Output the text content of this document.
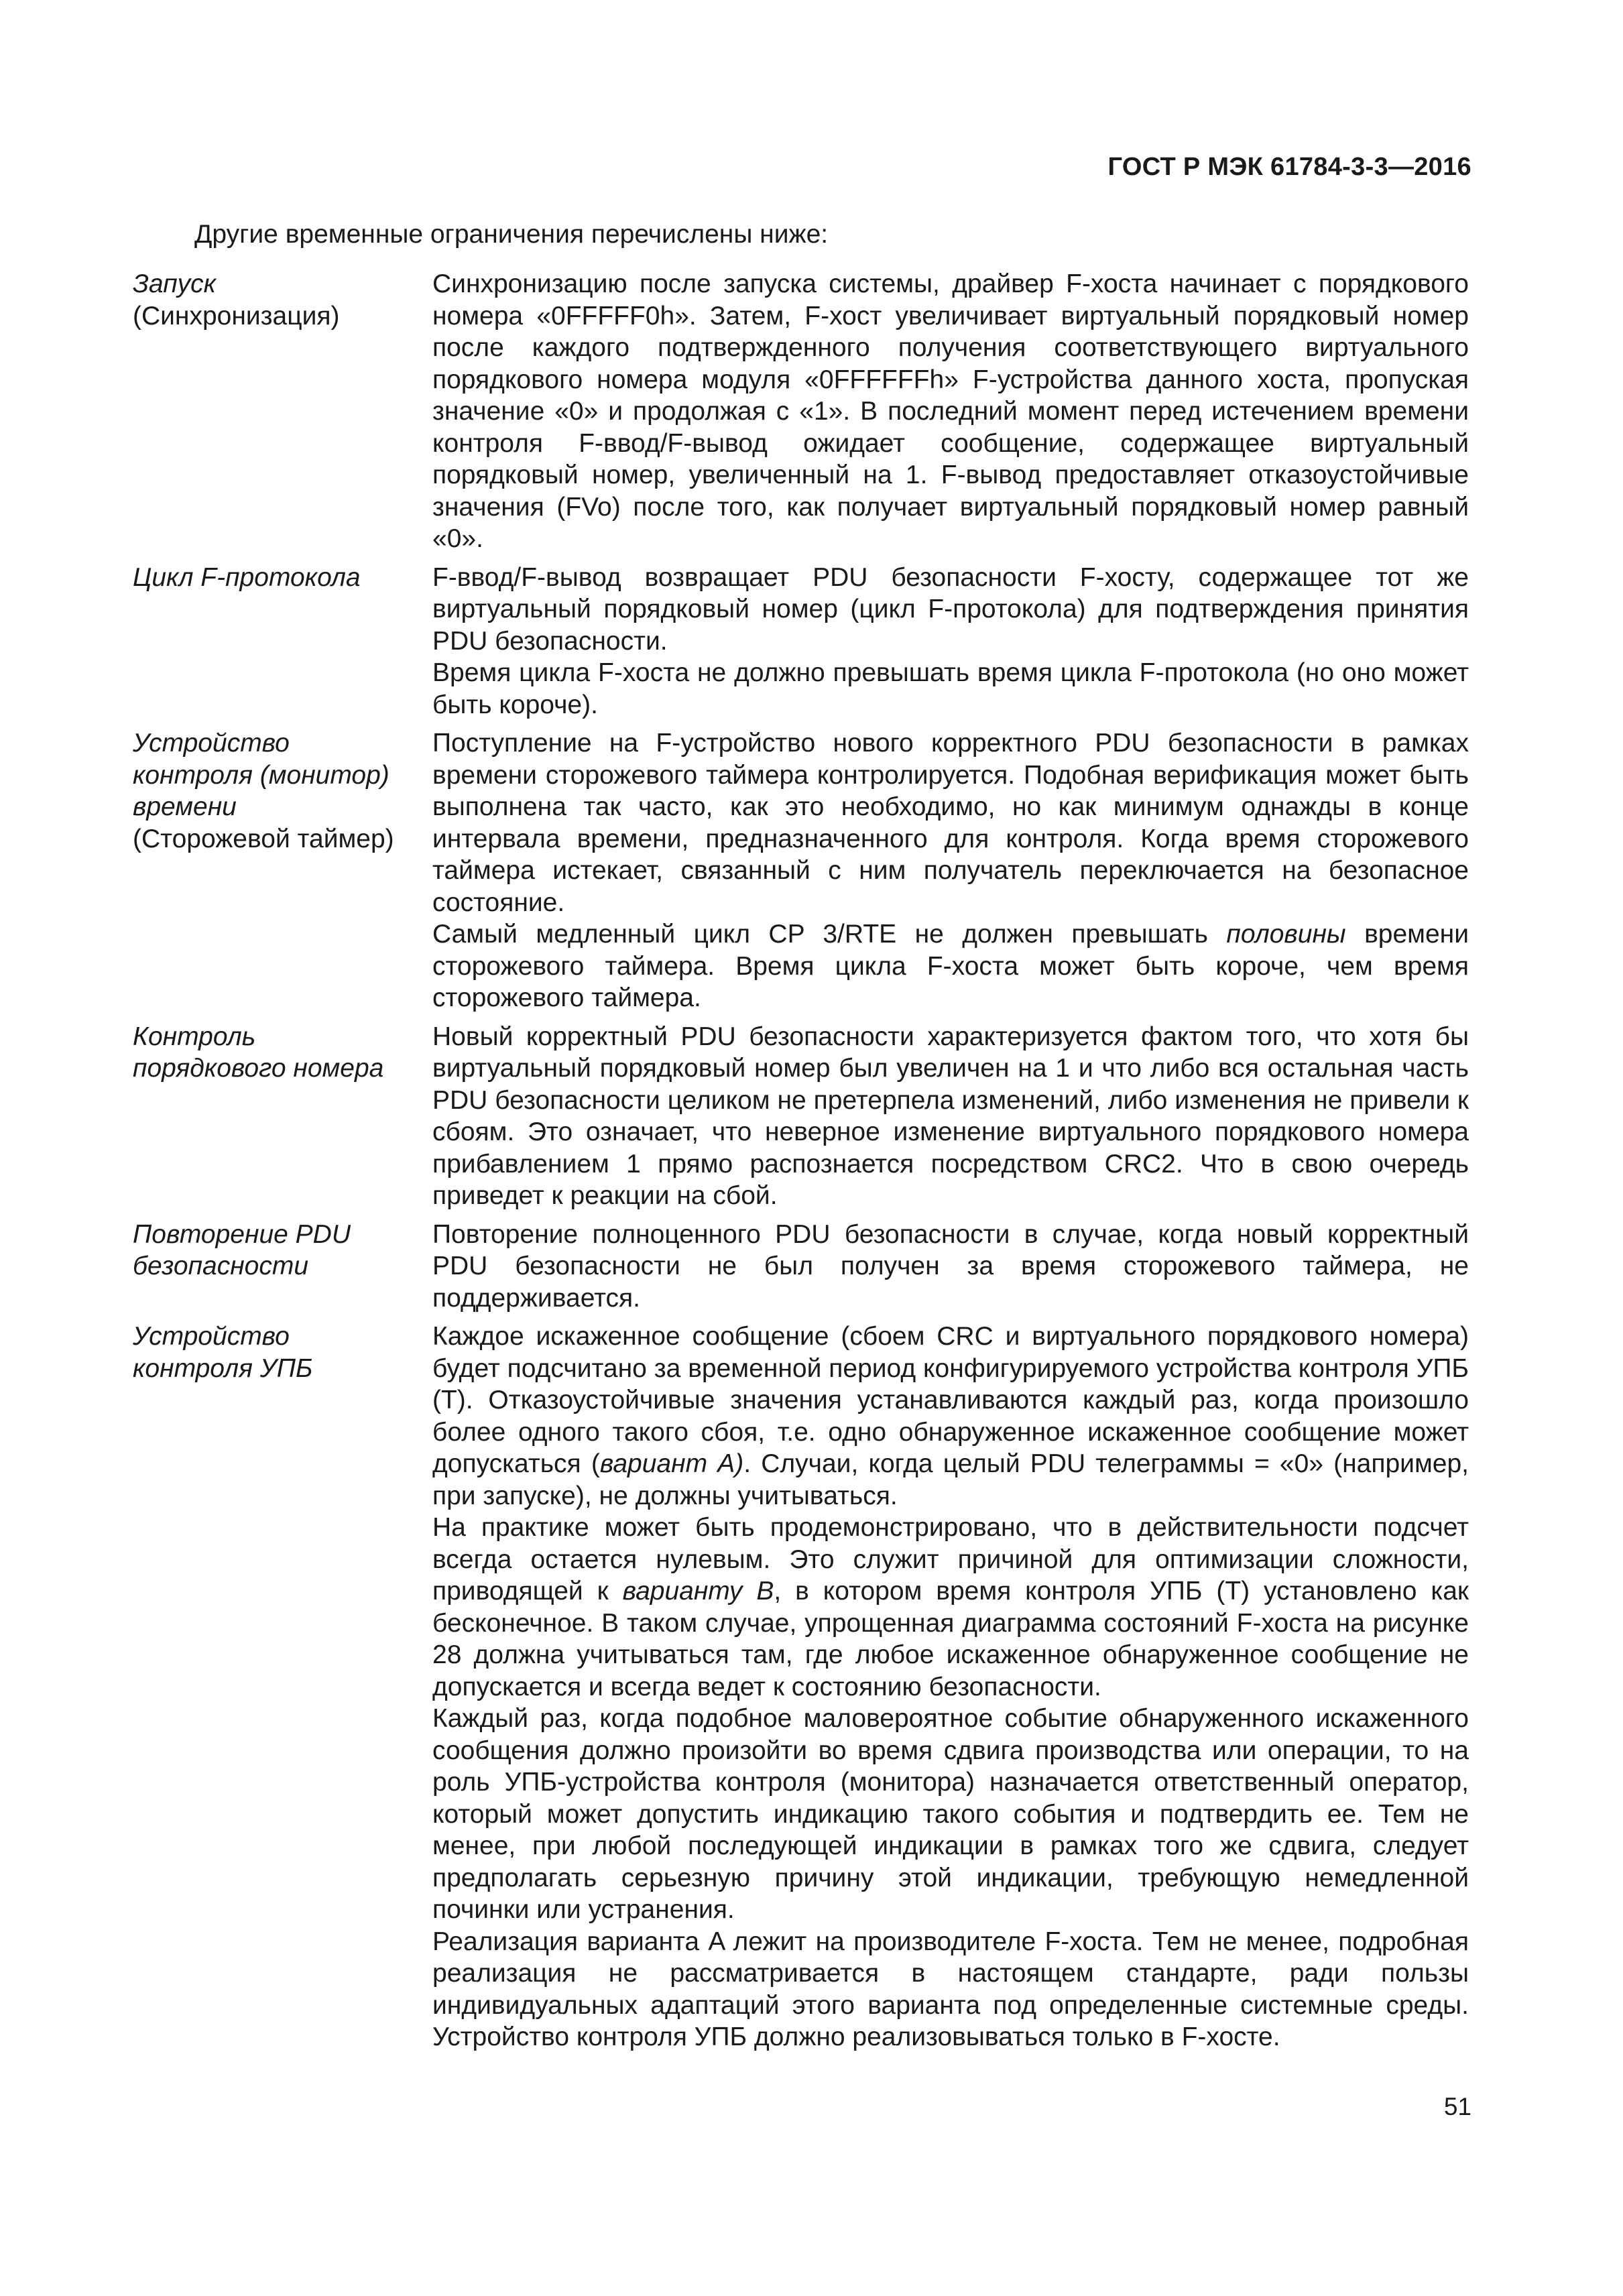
ГОСТ Р МЭК 61784-3-3—2016
Другие временные ограничения перечислены ниже:
Запуск
(Синхронизация)

Синхронизацию после запуска системы, драйвер F-хоста начинает с порядкового номера «0FFFFF0h». Затем, F-хост увеличивает виртуальный порядковый номер после каждого подтвержденного получения соответствующего виртуального порядкового номера модуля «0FFFFFFh» F-устройства данного хоста, пропуская значение «0» и продолжая с «1». В последний момент перед истечением времени контроля F-ввод/F-вывод ожидает сообщение, содержащее виртуальный порядковый номер, увеличенный на 1. F-вывод предоставляет отказоустойчивые значения (FVo) после того, как получает виртуальный порядковый номер равный «0».

Цикл F-протокола	F-ввод/F-вывод возвращает PDU безопасности F-хосту, содержащее тот же виртуальный порядковый номер (цикл F-протокола) для подтверждения принятия PDU безопасности.

Время цикла F-хоста не должно превышать время цикла F-протокола (но оно может быть короче).

Устройство
контроля (монитор)
времени
(Сторожевой таймер)

Поступление на F-устройство нового корректного PDU безопасности в рамках времени сторожевого таймера контролируется. Подобная верификация может быть выполнена так часто, как это необходимо, но как минимум однажды в конце интервала времени, предназначенного для контроля. Когда время сторожевого таймера истекает, связанный с ним получатель переключается на безопасное состояние.

Самый медленный цикл CP 3/RTE не должен превышать половины времени сторожевого таймера. Время цикла F-хоста может быть короче, чем время сторожевого таймера.

Контроль
порядкового номера

Новый корректный PDU безопасности характеризуется фактом того, что хотя бы виртуальный порядковый номер был увеличен на 1 и что либо вся остальная часть PDU безопасности целиком не претерпела изменений, либо изменения не привели к сбоям. Это означает, что неверное изменение виртуального порядкового номера прибавлением 1 прямо распознается посредством CRC2. Что в свою очередь приведет к реакции на сбой.

Повторение PDU
безопасности

Повторение полноценного PDU безопасности в случае, когда новый корректный PDU безопасности не был получен за время сторожевого таймера, не поддерживается.

Устройство
контроля УПБ

Каждое искаженное сообщение (сбоем CRC и виртуального порядкового номера) будет подсчитано за временной период конфигурируемого устройства контроля УПБ (T). Отказоустойчивые значения устанавливаются каждый раз, когда произошло более одного такого сбоя, т.е. одно обнаруженное искаженное сообщение может допускаться (вариант А). Случаи, когда целый PDU телеграммы = «0» (например, при запуске), не должны учитываться.

На практике может быть продемонстрировано, что в действительности подсчет всегда остается нулевым. Это служит причиной для оптимизации сложности, приводящей к варианту B, в котором время контроля УПБ (T) установлено как бесконечное. В таком случае, упрощенная диаграмма состояний F-хоста на рисунке 28 должна учитываться там, где любое искаженное обнаруженное сообщение не допускается и всегда ведет к состоянию безопасности.

Каждый раз, когда подобное маловероятное событие обнаруженного искаженного сообщения должно произойти во время сдвига производства или операции, то на роль УПБ-устройства контроля (монитора) назначается ответственный оператор, который может допустить индикацию такого события и подтвердить ее. Тем не менее, при любой последующей индикации в рамках того же сдвига, следует предполагать серьезную причину этой индикации, требующую немедленной починки или устранения.

Реализация варианта A лежит на производителе F-хоста. Тем не менее, подробная реализация не рассматривается в настоящем стандарте, ради пользы индивидуальных адаптаций этого варианта под определенные системные среды. Устройство контроля УПБ должно реализовываться только в F-хосте.

51
